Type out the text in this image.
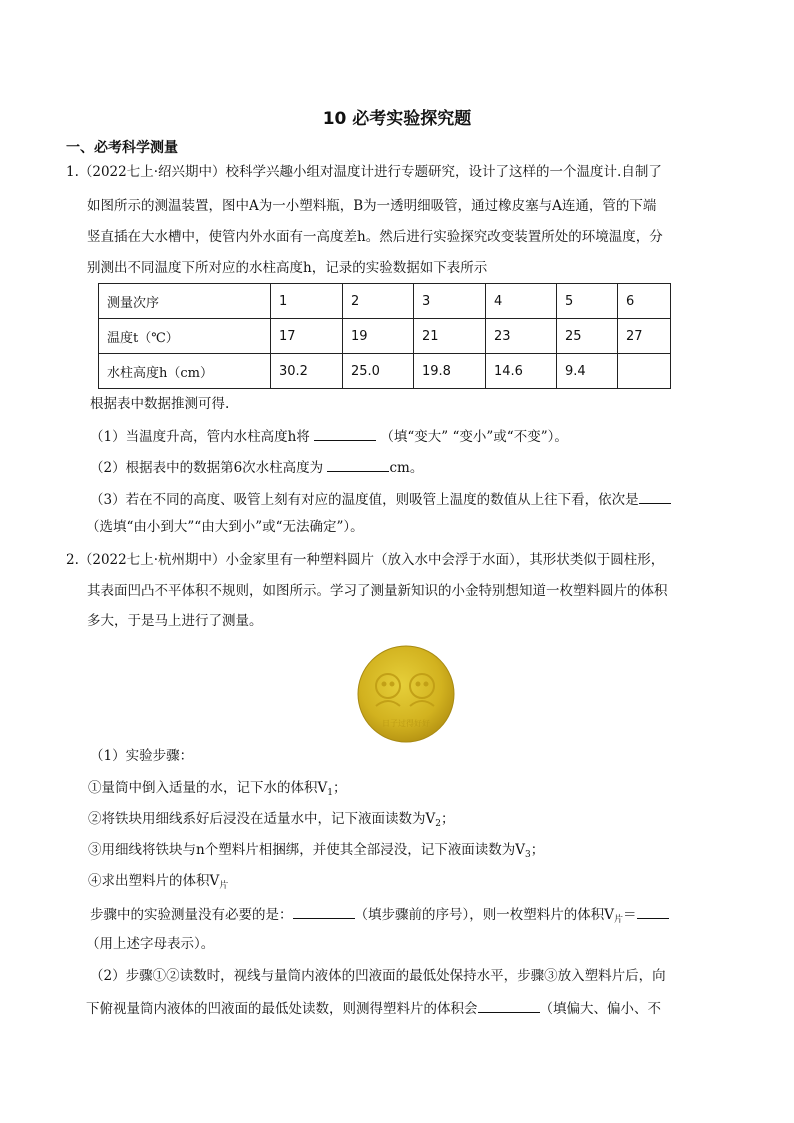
10 必考实验探究题
一、必考科学测量
1.（2022七上·绍兴期中）校科学兴趣小组对温度计进行专题研究，设计了这样的一个温度计.自制了
如图所示的测温装置，图中A为一小塑料瓶，B为一透明细吸管，通过橡皮塞与A连通，管的下端
竖直插在大水槽中，使管内外水面有一高度差h。然后进行实验探究改变装置所处的环境温度，分
别测出不同温度下所对应的水柱高度h，记录的实验数据如下表所示
测量次序	1	2	3	4	5	6
温度t（℃）	17	19	21	23	25	27
水柱高度h（cm）	30.2	25.0	19.8	14.6	9.4	
根据表中数据推测可得.
（1）当温度升高，管内水柱高度h将	（填“变大” “变小”或“不变”）。
（2）根据表中的数据第6次水柱高度为	cm。
（3）若在不同的高度、吸管上刻有对应的温度值，则吸管上温度的数值从上往下看，依次是
（选填“由小到大”“由大到小”或“无法确定”）。
2.（2022七上·杭州期中）小金家里有一种塑料圆片（放入水中会浮于水面），其形状类似于圆柱形，
其表面凹凸不平体积不规则，如图所示。学习了测量新知识的小金特别想知道一枚塑料圆片的体积
多大，于是马上进行了测量。
日子过得好好
（1）实验步骤：
①量筒中倒入适量的水，记下水的体积$V_1$；
②将铁块用细线系好后浸没在适量水中，记下液面读数为$V_2$；
③用细线将铁块与n个塑料片相捆绑，并使其全部浸没，记下液面读数为$V_3$；
④求出塑料片的体积$V_片$
步骤中的实验测量没有必要的是：	（填步骤前的序号），则一枚塑料片的体积$V_片=$
（用上述字母表示）。
（2）步骤①②读数时，视线与量筒内液体的凹液面的最低处保持水平，步骤③放入塑料片后，向
下俯视量筒内液体的凹液面的最低处读数，则测得塑料片的体积会	（填偏大、偏小、不
